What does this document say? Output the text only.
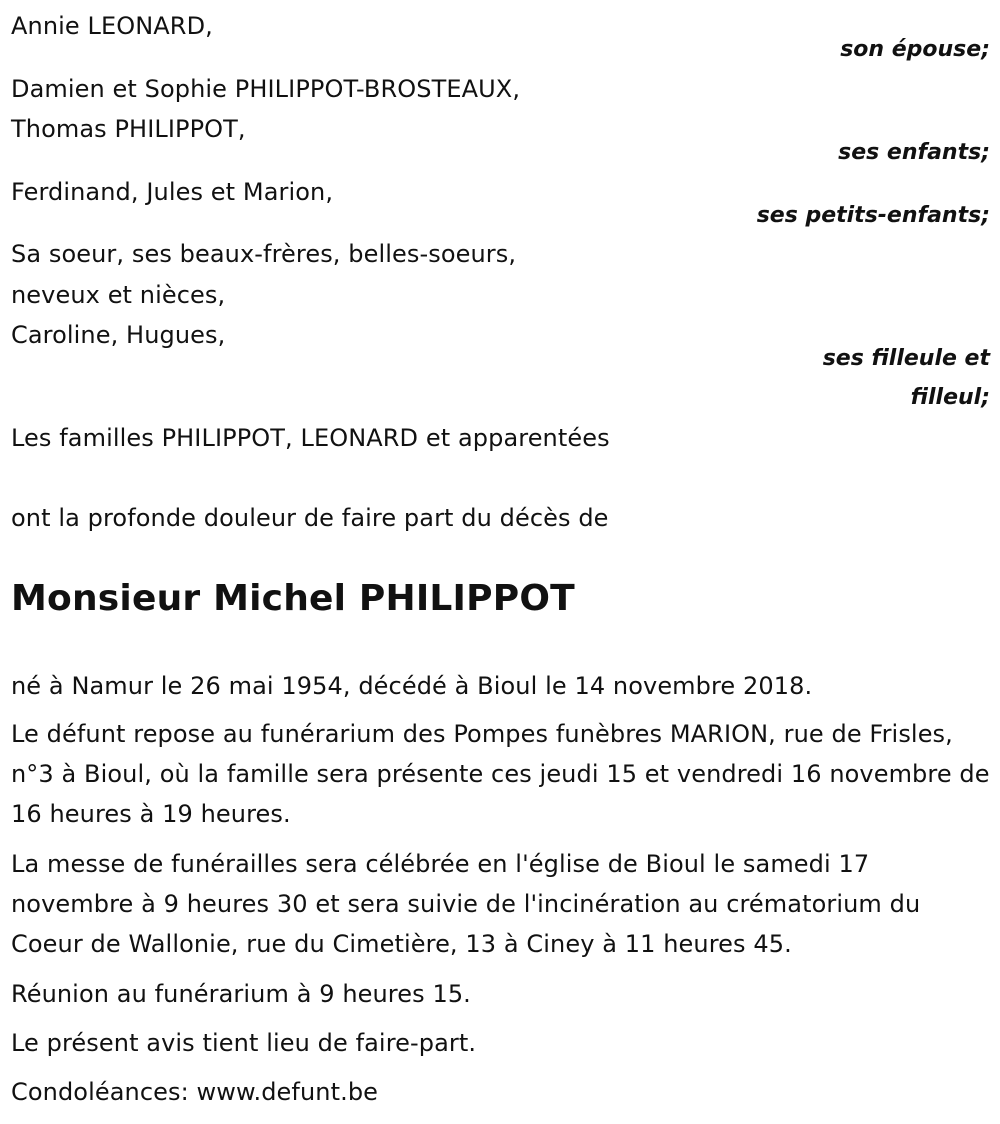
Annie LEONARD,
son épouse;
Damien et Sophie PHILIPPOT-BROSTEAUX,
Thomas PHILIPPOT,
ses enfants;
Ferdinand, Jules et Marion,
ses petits-enfants;
Sa soeur, ses beaux-frères, belles-soeurs,
neveux et nièces,
Caroline, Hugues,
ses filleule et
filleul;
Les familles PHILIPPOT, LEONARD et apparentées
ont la profonde douleur de faire part du décès de
Monsieur Michel PHILIPPOT
né à Namur le 26 mai 1954, décédé à Bioul le 14 novembre 2018.
Le défunt repose au funérarium des Pompes funèbres MARION, rue de Frisles, n°3 à Bioul, où la famille sera présente ces jeudi 15 et vendredi 16 novembre de 16 heures à 19 heures.
La messe de funérailles sera célébrée en l'église de Bioul le samedi 17 novembre à 9 heures 30 et sera suivie de l'incinération au crématorium du Coeur de Wallonie, rue du Cimetière, 13 à Ciney à 11 heures 45.
Réunion au funérarium à 9 heures 15.
Le présent avis tient lieu de faire-part.
Condoléances: www.defunt.be
